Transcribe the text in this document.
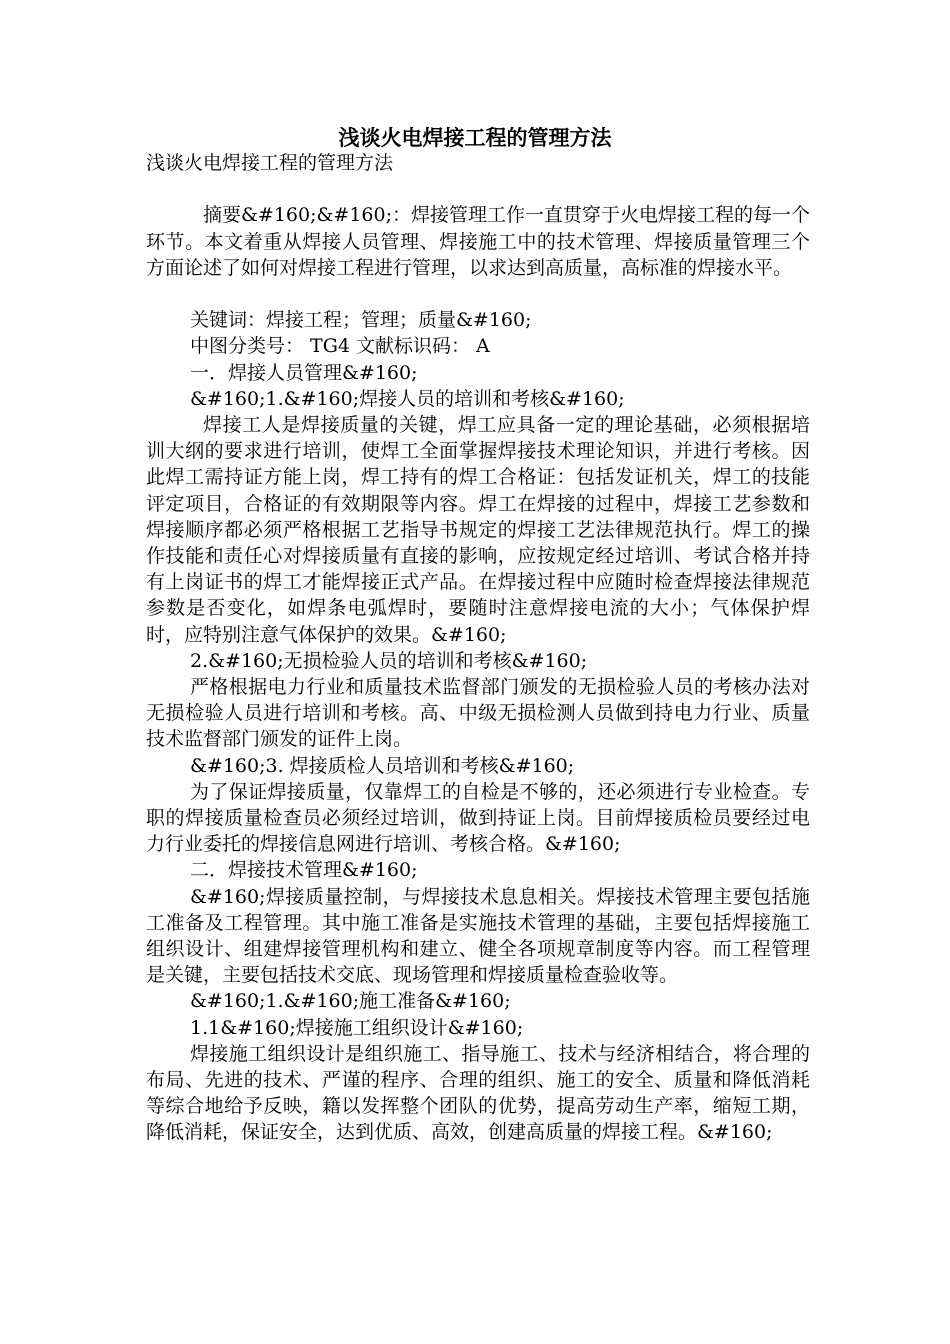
浅谈火电焊接工程的管理方法

浅谈火电焊接工程的管理方法

摘要&#160;&#160;：焊接管理工作一直贯穿于火电焊接工程的每一个环节。本文着重从焊接人员管理、焊接施工中的技术管理、焊接质量管理三个方面论述了如何对焊接工程进行管理，以求达到高质量，高标准的焊接水平。

关键词：焊接工程；管理；质量&#160;

中图分类号： TG4 文献标识码： A

一．焊接人员管理&#160;

&#160;1.&#160;焊接人员的培训和考核&#160;

焊接工人是焊接质量的关键，焊工应具备一定的理论基础，必须根据培训大纲的要求进行培训，使焊工全面掌握焊接技术理论知识，并进行考核。因此焊工需持证方能上岗，焊工持有的焊工合格证：包括发证机关，焊工的技能评定项目，合格证的有效期限等内容。焊工在焊接的过程中，焊接工艺参数和焊接顺序都必须严格根据工艺指导书规定的焊接工艺法律规范执行。焊工的操作技能和责任心对焊接质量有直接的影响，应按规定经过培训、考试合格并持有上岗证书的焊工才能焊接正式产品。在焊接过程中应随时检查焊接法律规范参数是否变化，如焊条电弧焊时，要随时注意焊接电流的大小；气体保护焊时，应特别注意气体保护的效果。&#160;

2.&#160;无损检验人员的培训和考核&#160;

严格根据电力行业和质量技术监督部门颁发的无损检验人员的考核办法对无损检验人员进行培训和考核。高、中级无损检测人员做到持电力行业、质量技术监督部门颁发的证件上岗。

&#160;3. 焊接质检人员培训和考核&#160;

为了保证焊接质量，仅靠焊工的自检是不够的，还必须进行专业检查。专职的焊接质量检查员必须经过培训，做到持证上岗。目前焊接质检员要经过电力行业委托的焊接信息网进行培训、考核合格。&#160;

二．焊接技术管理&#160;

&#160;焊接质量控制，与焊接技术息息相关。焊接技术管理主要包括施工准备及工程管理。其中施工准备是实施技术管理的基础，主要包括焊接施工组织设计、组建焊接管理机构和建立、健全各项规章制度等内容。而工程管理是关键，主要包括技术交底、现场管理和焊接质量检查验收等。

&#160;1.&#160;施工准备&#160;

1.1&#160;焊接施工组织设计&#160;

焊接施工组织设计是组织施工、指导施工、技术与经济相结合，将合理的布局、先进的技术、严谨的程序、合理的组织、施工的安全、质量和降低消耗等综合地给予反映，籍以发挥整个团队的优势，提高劳动生产率，缩短工期，降低消耗，保证安全，达到优质、高效，创建高质量的焊接工程。&#160;
